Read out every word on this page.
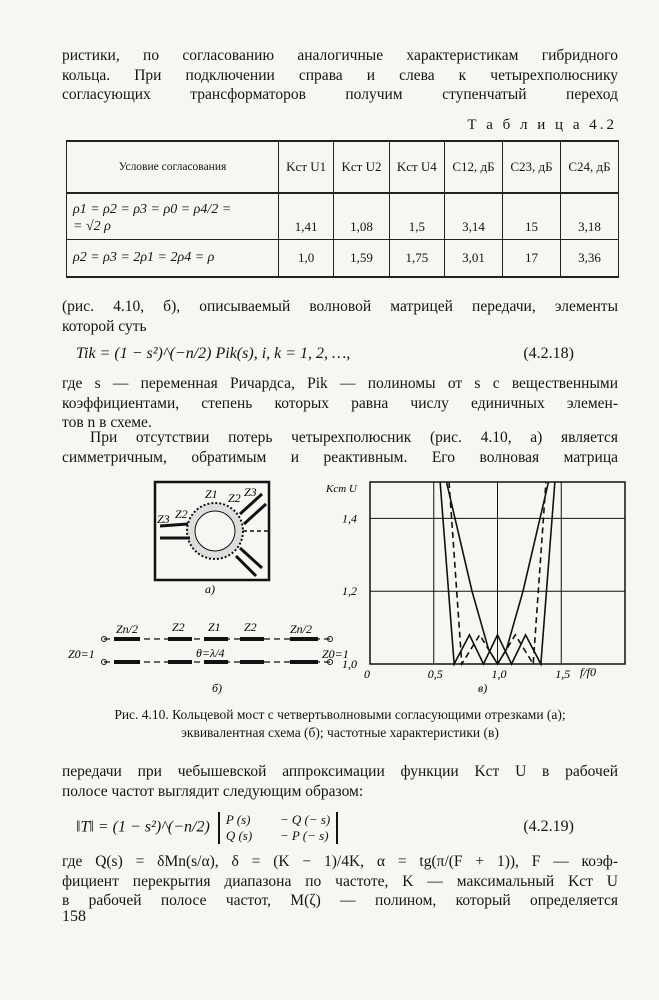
ристики, по согласованию аналогичные характеристикам гибридного
кольца. При подключении справа и слева к четырехполюснику
согласующих трансформаторов получим ступенчатый переход
Т а б л и ц а 4.2
Условие согласования	Kст U1	Kст U2	Kст U4	C12, дБ	C23, дБ	C24, дБ
ρ1 = ρ2 = ρ3 = ρ0 = ρ4/2 =
= √2 ρ	1,41	1,08	1,5	3,14	15	3,18
ρ2 = ρ3 = 2ρ1 = 2ρ4 = ρ	1,0	1,59	1,75	3,01	17	3,36
(рис. 4.10, б), описываемый волновой матрицей передачи, элементы
которой суть
Tik = (1 − s²)^(−n/2) Pik(s), i, k = 1, 2, …,	(4.2.18)
где s — переменная Ричардса, Pik — полиномы от s с вещественными
коэффициентами, степень которых равна числу единичных элемен-
тов n в схеме.
При отсутствии потерь четырехполюсник (рис. 4.10, а) является
симметричным, обратимым и реактивным. Его волновая матрица
Z1 Z2 Z3
Z2
Z3
а)
Z0=1	Z0=1
Zn/2	Z2 Z1 Z2	Zn/2
θ=λ/4
б)
Kст U
f/f0
в)
0	0,5	1,0	1,5
1,0
1,2
1,4
Рис. 4.10. Кольцевой мост с четвертьволновыми согласующими отрезками (а);
эквивалентная схема (б); частотные характеристики (в)
передачи при чебышевской аппроксимации функции Kст U в рабочей
полосе частот выглядит следующим образом:
‖T‖ = (1 − s²)^(−n/2) P (s) − Q (− s)
Q (s) − P (− s)
(4.2.19)
где Q(s) = δMn(s/α), δ = (K − 1)/4K, α = tg(π/(F + 1)), F — коэф-
фициент перекрытия диапазона по частоте, K — максимальный Kст U
в рабочей полосе частот, M(ζ) — полином, который определяется
158
